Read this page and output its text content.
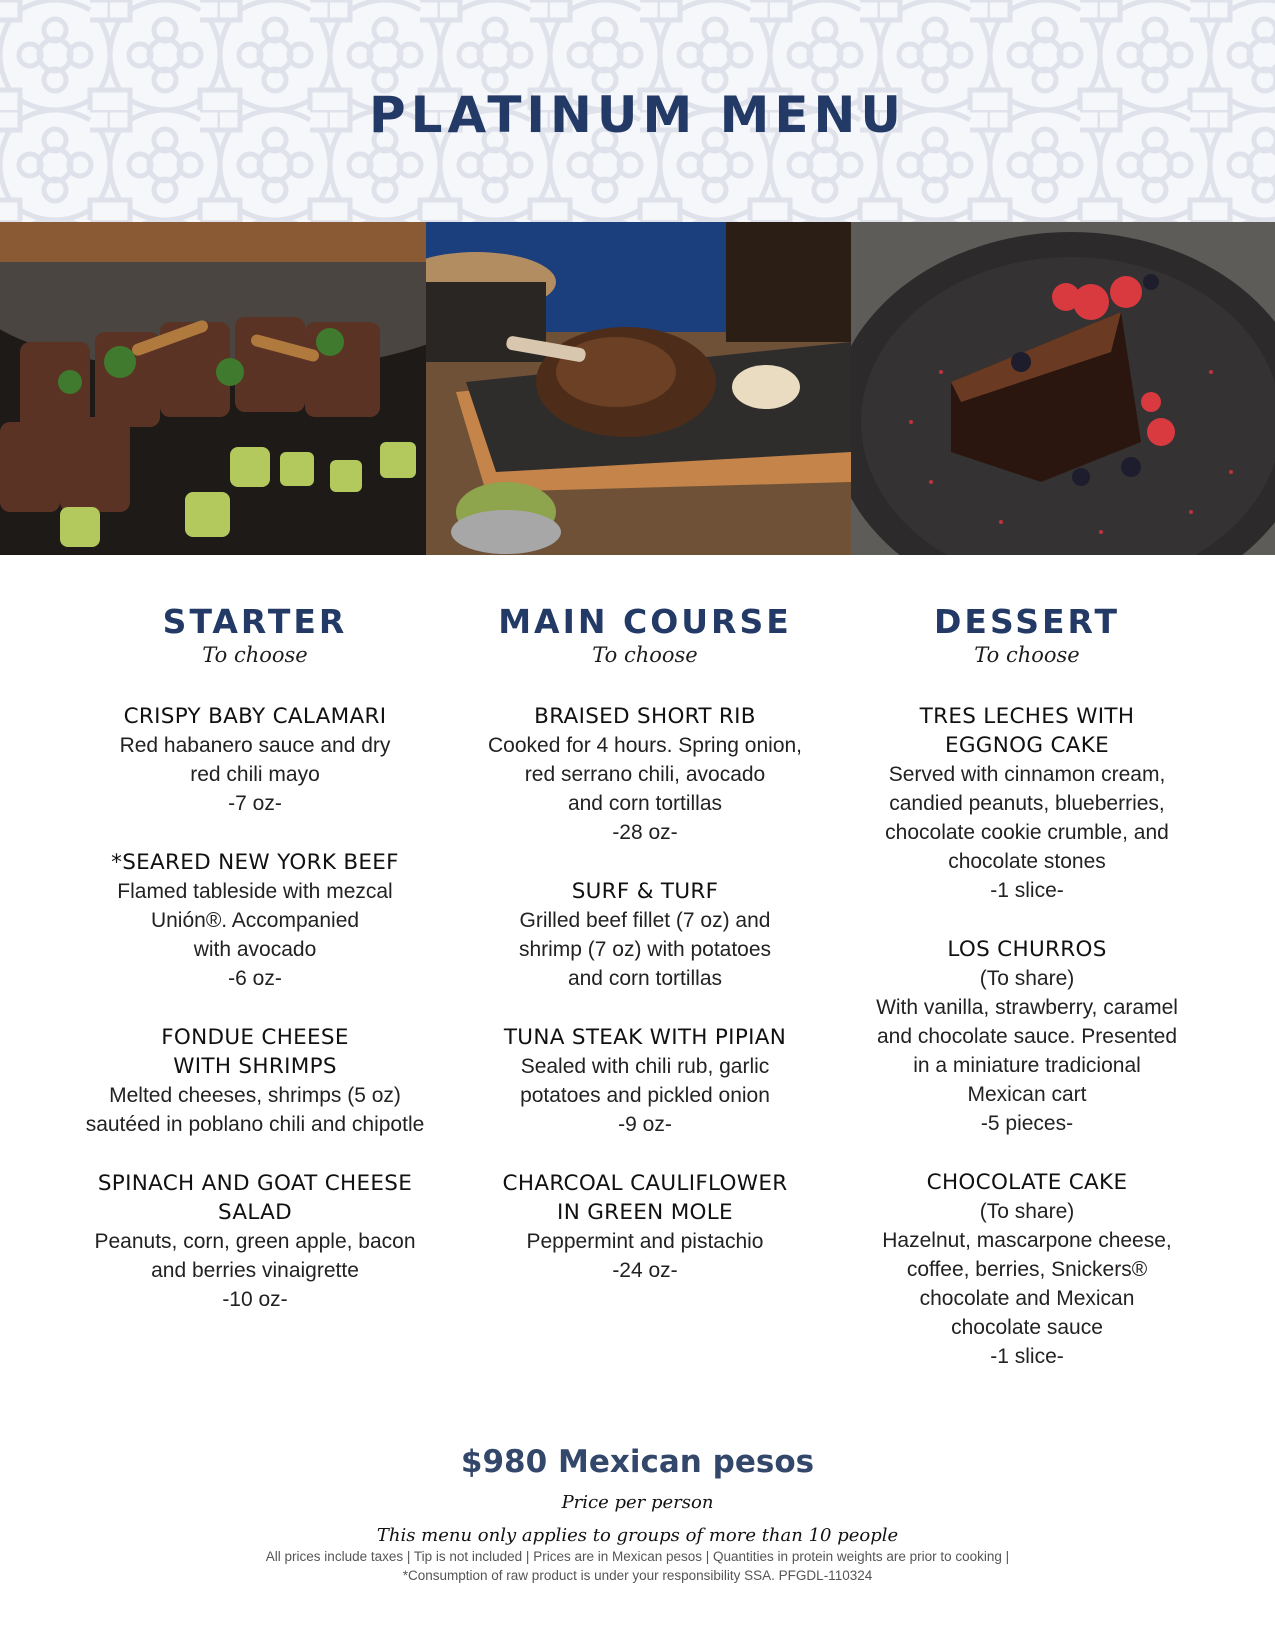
PLATINUM MENU
STARTER
To choose
CRISPY BABY CALAMARI
Red habanero sauce and dry
red chili mayo
-7 oz-
*SEARED NEW YORK BEEF
Flamed tableside with mezcal
Unión®. Accompanied
with avocado
-6 oz-
FONDUE CHEESE
WITH SHRIMPS
Melted cheeses, shrimps (5 oz)
sautéed in poblano chili and chipotle
SPINACH AND GOAT CHEESE
SALAD
Peanuts, corn, green apple, bacon
and berries vinaigrette
-10 oz-
MAIN COURSE
To choose
BRAISED SHORT RIB
Cooked for 4 hours. Spring onion,
red serrano chili, avocado
and corn tortillas
-28 oz-
SURF & TURF
Grilled beef fillet (7 oz) and
shrimp (7 oz) with potatoes
and corn tortillas
TUNA STEAK WITH PIPIAN
Sealed with chili rub, garlic
potatoes and pickled onion
-9 oz-
CHARCOAL CAULIFLOWER
IN GREEN MOLE
Peppermint and pistachio
-24 oz-
DESSERT
To choose
TRES LECHES WITH
EGGNOG CAKE
Served with cinnamon cream,
candied peanuts, blueberries,
chocolate cookie crumble, and
chocolate stones
-1 slice-
LOS CHURROS
(To share)
With vanilla, strawberry, caramel
and chocolate sauce. Presented
in a miniature tradicional
Mexican cart
-5 pieces-
CHOCOLATE CAKE
(To share)
Hazelnut, mascarpone cheese,
coffee, berries, Snickers®
chocolate and Mexican
chocolate sauce
-1 slice-
$980 Mexican pesos
Price per person
This menu only applies to groups of more than 10 people
All prices include taxes | Tip is not included | Prices are in Mexican pesos | Quantities in protein weights are prior to cooking |
*Consumption of raw product is under your responsibility SSA. PFGDL-110324
